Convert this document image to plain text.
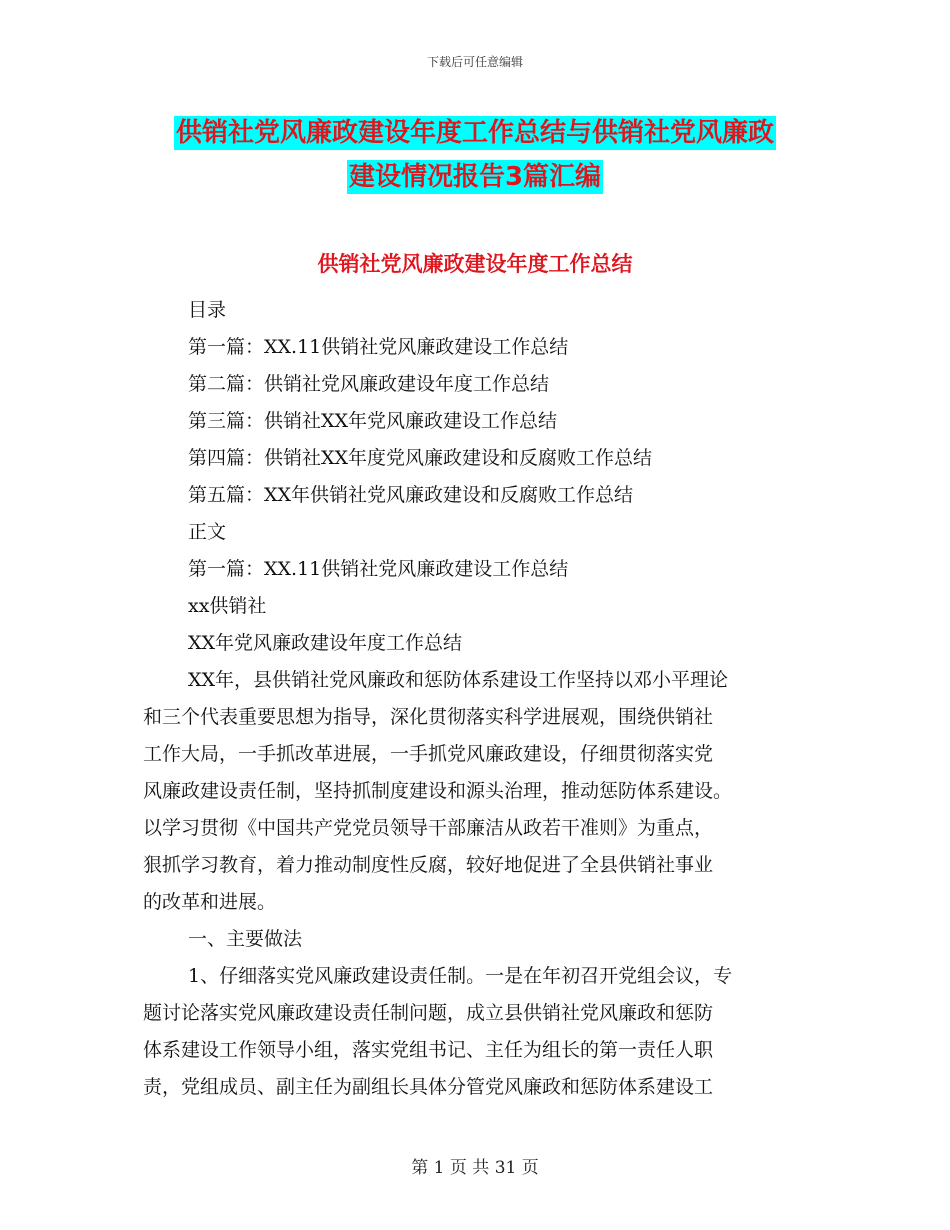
下载后可任意编辑
供销社党风廉政建设年度工作总结与供销社党风廉政
建设情况报告3篇汇编
供销社党风廉政建设年度工作总结
目录
第一篇：XX.11供销社党风廉政建设工作总结
第二篇：供销社党风廉政建设年度工作总结
第三篇：供销社XX年党风廉政建设工作总结
第四篇：供销社XX年度党风廉政建设和反腐败工作总结
第五篇：XX年供销社党风廉政建设和反腐败工作总结
正文
第一篇：XX.11供销社党风廉政建设工作总结
xx供销社
XX年党风廉政建设年度工作总结
XX年，县供销社党风廉政和惩防体系建设工作坚持以邓小平理论
和三个代表重要思想为指导，深化贯彻落实科学进展观，围绕供销社
工作大局，一手抓改革进展，一手抓党风廉政建设，仔细贯彻落实党
风廉政建设责任制，坚持抓制度建设和源头治理，推动惩防体系建设。
以学习贯彻《中国共产党党员领导干部廉洁从政若干准则》为重点，
狠抓学习教育，着力推动制度性反腐，较好地促进了全县供销社事业
的改革和进展。
一、主要做法
1、仔细落实党风廉政建设责任制。一是在年初召开党组会议，专
题讨论落实党风廉政建设责任制问题，成立县供销社党风廉政和惩防
体系建设工作领导小组，落实党组书记、主任为组长的第一责任人职
责，党组成员、副主任为副组长具体分管党风廉政和惩防体系建设工
第 1 页 共 31 页
